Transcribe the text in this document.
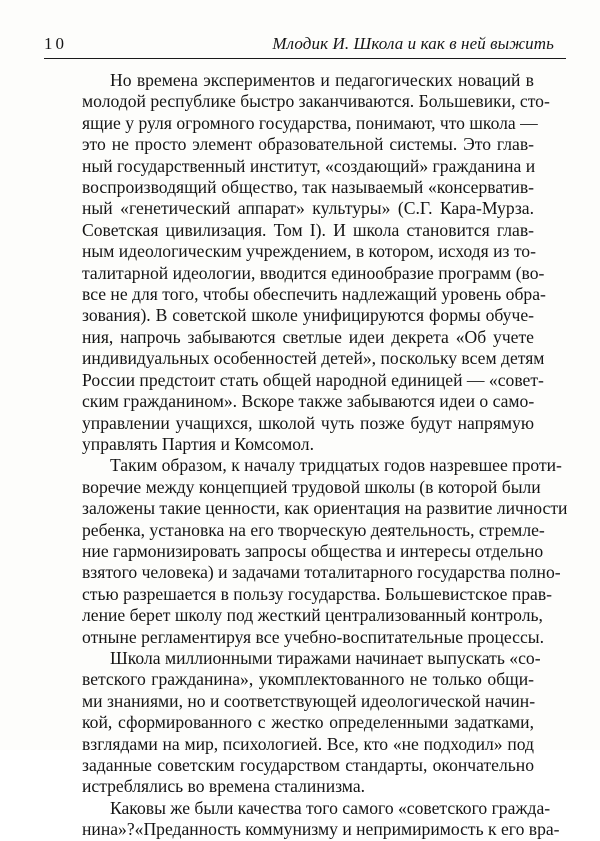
10	Млодик И. Школа и как в ней выжить
Но времена экспериментов и педагогических новаций в
молодой республике быстро заканчиваются. Большевики, сто-
ящие у руля огромного государства, понимают, что школа —
это не просто элемент образовательной системы. Это глав-
ный государственный институт, «создающий» гражданина и
воспроизводящий общество, так называемый «консерватив-
ный «генетический аппарат» культуры» (С.Г. Кара-Мурза.
Советская цивилизация. Том I). И школа становится глав-
ным идеологическим учреждением, в котором, исходя из то-
талитарной идеологии, вводится единообразие программ (во-
все не для того, чтобы обеспечить надлежащий уровень обра-
зования). В советской школе унифицируются формы обуче-
ния, напрочь забываются светлые идеи декрета «Об учете
индивидуальных особенностей детей», поскольку всем детям
России предстоит стать общей народной единицей — «совет-
ским гражданином». Вскоре также забываются идеи о само-
управлении учащихся, школой чуть позже будут напрямую
управлять Партия и Комсомол.
Таким образом, к началу тридцатых годов назревшее проти-
воречие между концепцией трудовой школы (в которой были
заложены такие ценности, как ориентация на развитие личности
ребенка, установка на его творческую деятельность, стремле-
ние гармонизировать запросы общества и интересы отдельно
взятого человека) и задачами тоталитарного государства полно-
стью разрешается в пользу государства. Большевистское прав-
ление берет школу под жесткий централизованный контроль,
отныне регламентируя все учебно-воспитательные процессы.
Школа миллионными тиражами начинает выпускать «со-
ветского гражданина», укомплектованного не только общи-
ми знаниями, но и соответствующей идеологической начин-
кой, сформированного с жестко определенными задатками,
взглядами на мир, психологией. Все, кто «не подходил» под
заданные советским государством стандарты, окончательно
истреблялись во времена сталинизма.
Каковы же были качества того самого «советского гражда-
нина»?«Преданность коммунизму и непримиримость к его вра-
